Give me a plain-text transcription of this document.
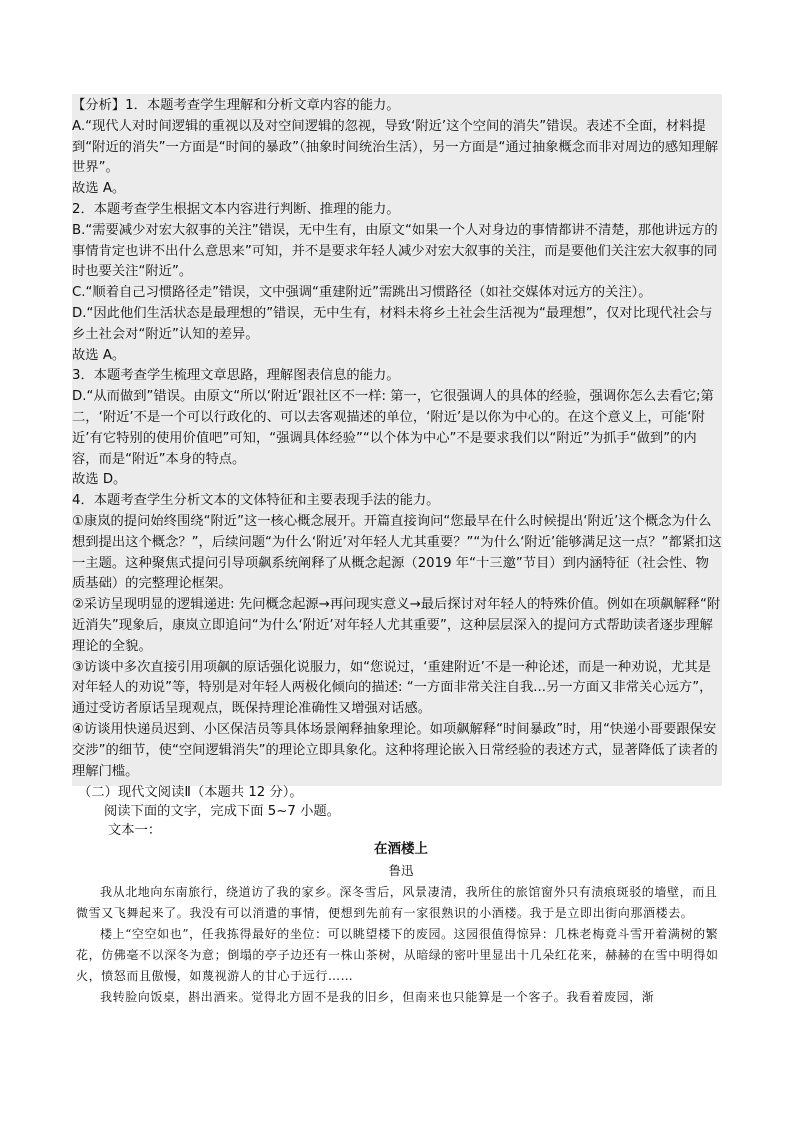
【分析】1．本题考查学生理解和分析文章内容的能力。

A.“现代人对时间逻辑的重视以及对空间逻辑的忽视，导致‘附近’这个空间的消失”错误。表述不全面，材料提到“附近的消失”一方面是“时间的暴政”（抽象时间统治生活），另一方面是“通过抽象概念而非对周边的感知理解世界”。

故选 A。

2．本题考查学生根据文本内容进行判断、推理的能力。

B.“需要减少对宏大叙事的关注”错误，无中生有，由原文“如果一个人对身边的事情都讲不清楚，那他讲远方的事情肯定也讲不出什么意思来”可知，并不是要求年轻人减少对宏大叙事的关注，而是要他们关注宏大叙事的同时也要关注“附近”。

C.“顺着自己习惯路径走”错误，文中强调“重建附近”需跳出习惯路径（如社交媒体对远方的关注）。

D.“因此他们生活状态是最理想的”错误，无中生有，材料未将乡土社会生活视为“最理想”，仅对比现代社会与乡土社会对“附近”认知的差异。

故选 A。

3．本题考查学生梳理文章思路，理解图表信息的能力。

D.“从而做到”错误。由原文“所以‘附近’跟社区不一样: 第一，它很强调人的具体的经验，强调你怎么去看它;第二，‘附近’不是一个可以行政化的、可以去客观描述的单位，‘附近’是以你为中心的。在这个意义上，可能‘附近’有它特别的使用价值吧”可知，“强调具体经验”“以个体为中心”不是要求我们以“附近”为抓手“做到”的内容，而是“附近”本身的特点。

故选 D。

4．本题考查学生分析文本的文体特征和主要表现手法的能力。

①康岚的提问始终围绕“附近”这一核心概念展开。开篇直接询问“您最早在什么时候提出‘附近’这个概念为什么想到提出这个概念？”，后续问题“为什么‘附近’对年轻人尤其重要？”“为什么‘附近’能够满足这一点？”都紧扣这一主题。这种聚焦式提问引导项飙系统阐释了从概念起源（2019 年“十三邀”节目）到内涵特征（社会性、物质基础）的完整理论框架。

②采访呈现明显的逻辑递进: 先问概念起源→再问现实意义→最后探讨对年轻人的特殊价值。例如在项飙解释“附近消失”现象后，康岚立即追问“为什么‘附近’对年轻人尤其重要”，这种层层深入的提问方式帮助读者逐步理解理论的全貌。

③访谈中多次直接引用项飙的原话强化说服力，如“您说过，‘重建附近’不是一种论述，而是一种劝说，尤其是对年轻人的劝说”等，特别是对年轻人两极化倾向的描述: “一方面非常关注自我...另一方面又非常关心远方”，通过受访者原话呈现观点，既保持理论准确性又增强对话感。

④访谈用快递员迟到、小区保洁员等具体场景阐释抽象理论。如项飙解释“时间暴政”时，用“快递小哥要跟保安交涉”的细节，使“空间逻辑消失”的理论立即具象化。这种将理论嵌入日常经验的表述方式，显著降低了读者的理解门槛。

（二）现代文阅读Ⅱ（本题共 12 分）。

阅读下面的文字，完成下面 5~7 小题。

文本一：

在酒楼上

鲁迅

我从北地向东南旅行，绕道访了我的家乡。深冬雪后，风景凄清，我所住的旅馆窗外只有渍痕斑驳的墙壁，而且微雪又飞舞起来了。我没有可以消遣的事情，便想到先前有一家很熟识的小酒楼。我于是立即出街向那酒楼去。

楼上“空空如也”，任我拣得最好的坐位：可以眺望楼下的废园。这园很值得惊异：几株老梅竟斗雪开着满树的繁花，仿佛毫不以深冬为意；倒塌的亭子边还有一株山茶树，从暗绿的密叶里显出十几朵红花来，赫赫的在雪中明得如火，愤怒而且傲慢，如蔑视游人的甘心于远行……

我转脸向饭桌，斟出酒来。觉得北方固不是我的旧乡，但南来也只能算是一个客子。我看着废园，渐
